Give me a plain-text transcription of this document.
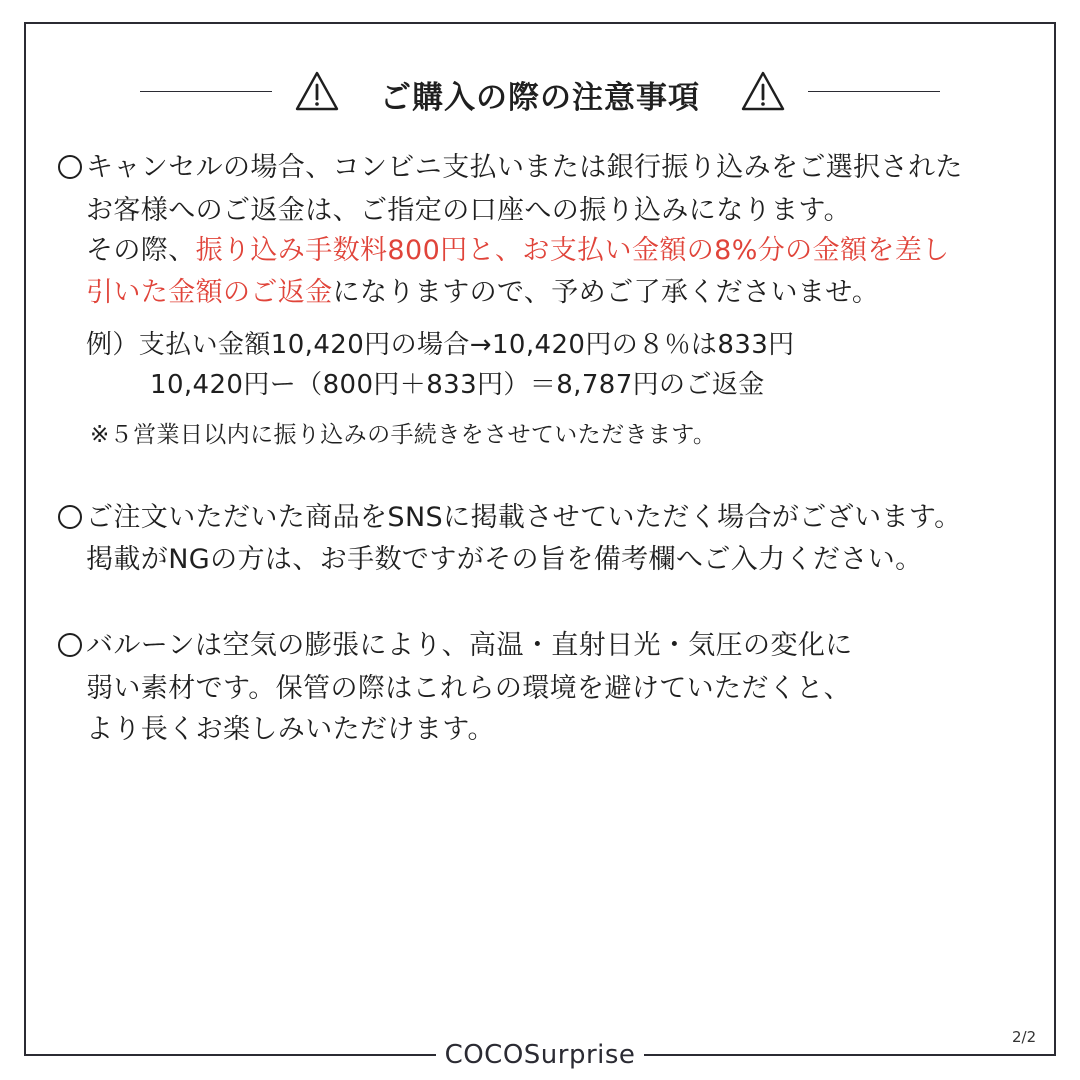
ご購入の際の注意事項
キャンセルの場合、コンビニ支払いまたは銀行振り込みをご選択された
お客様へのご返金は、ご指定の口座への振り込みになります。
その際、振り込み手数料800円と、お支払い金額の8%分の金額を差し
引いた金額のご返金になりますので、予めご了承くださいませ。
例）支払い金額10,420円の場合→10,420円の８％は833円
10,420円ー（800円＋833円）＝8,787円のご返金
※５営業日以内に振り込みの手続きをさせていただきます。
ご注文いただいた商品をSNSに掲載させていただく場合がございます。
掲載がNGの方は、お手数ですがその旨を備考欄へご入力ください。
バルーンは空気の膨張により、高温・直射日光・気圧の変化に
弱い素材です。保管の際はこれらの環境を避けていただくと、
より長くお楽しみいただけます。
COCOSurprise
2/2
